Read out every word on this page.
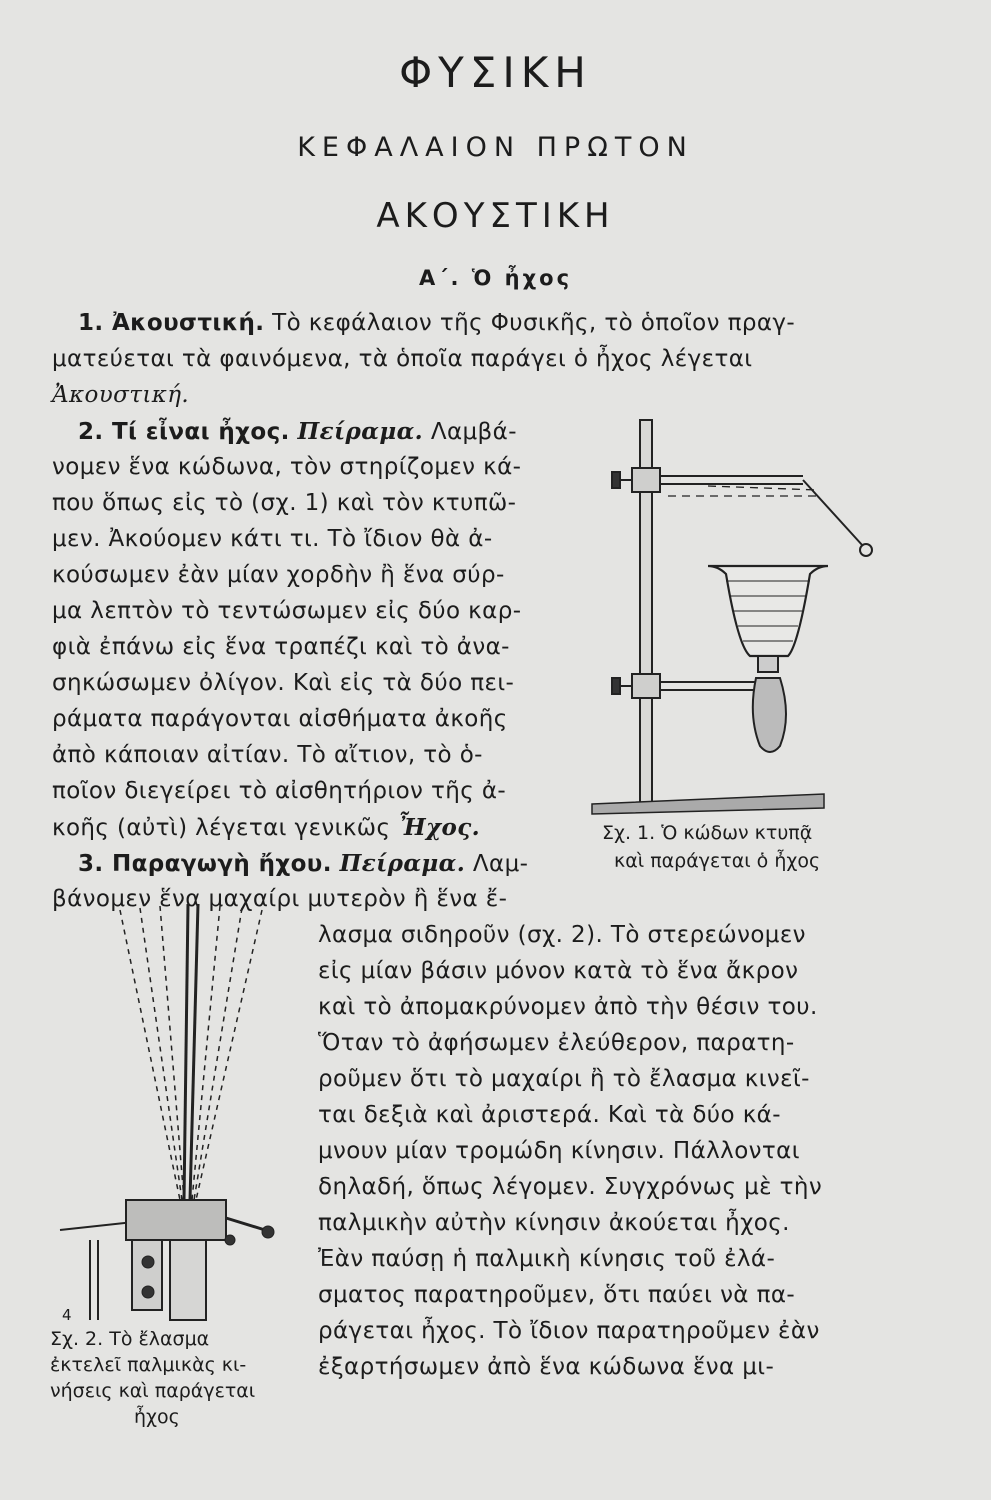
ΦΥΣΙΚΗ
ΚΕΦΑΛΑΙΟΝ ΠΡΩΤΟΝ
ΑΚΟΥΣΤΙΚΗ
Α΄. Ὁ ἦχος
1. Ἀκουστική. Τὸ κεφάλαιον τῆς Φυσικῆς, τὸ ὁποῖον πραγ-
ματεύεται τὰ φαινόμενα, τὰ ὁποῖα παράγει ὁ ἦχος λέγεται
Ἀκουστική.
2. Τί εἶναι ἦχος. Πείραμα. Λαμβά-
νομεν ἕνα κώδωνα, τὸν στηρίζομεν κά-
που ὅπως εἰς τὸ (σχ. 1) καὶ τὸν κτυπῶ-
μεν. Ἀκούομεν κάτι τι. Τὸ ἴδιον θὰ ἀ-
κούσωμεν ἐὰν μίαν χορδὴν ἢ ἕνα σύρ-
μα λεπτὸν τὸ τεντώσωμεν εἰς δύο καρ-
φιὰ ἐπάνω εἰς ἕνα τραπέζι καὶ τὸ ἀνα-
σηκώσωμεν ὀλίγον. Καὶ εἰς τὰ δύο πει-
ράματα παράγονται αἰσθήματα ἀκοῆς
ἀπὸ κάποιαν αἰτίαν. Τὸ αἴτιον, τὸ ὁ-
ποῖον διεγείρει τὸ αἰσθητήριον τῆς ἀ-
κοῆς (αὐτὶ) λέγεται γενικῶς Ἦχος.
3. Παραγωγὴ ἤχου. Πείραμα. Λαμ-
βάνομεν ἕνα μαχαίρι μυτερὸν ἢ ἕνα ἔ-
λασμα σιδηροῦν (σχ. 2). Τὸ στερεώνομεν
εἰς μίαν βάσιν μόνον κατὰ τὸ ἕνα ἄκρον
καὶ τὸ ἀπομακρύνομεν ἀπὸ τὴν θέσιν του.
Ὅταν τὸ ἀφήσωμεν ἐλεύθερον, παρατη-
ροῦμεν ὅτι τὸ μαχαίρι ἢ τὸ ἔλασμα κινεῖ-
ται δεξιὰ καὶ ἀριστερά. Καὶ τὰ δύο κά-
μνουν μίαν τρομώδη κίνησιν. Πάλλονται
δηλαδή, ὅπως λέγομεν. Συγχρόνως μὲ τὴν
παλμικὴν αὐτὴν κίνησιν ἀκούεται ἦχος.
Ἐὰν παύσῃ ἡ παλμικὴ κίνησις τοῦ ἐλά-
σματος παρατηροῦμεν, ὅτι παύει νὰ πα-
ράγεται ἦχος. Τὸ ἴδιον παρατηροῦμεν ἐὰν
ἐξαρτήσωμεν ἀπὸ ἕνα κώδωνα ἕνα μι-
Σχ. 1. Ὁ κώδων κτυπᾷ
καὶ παράγεται ὁ ἦχος
4
Σχ. 2. Τὸ ἔλασμα
ἐκτελεῖ παλμικὰς κι-
νήσεις καὶ παράγεται
ἦχος
